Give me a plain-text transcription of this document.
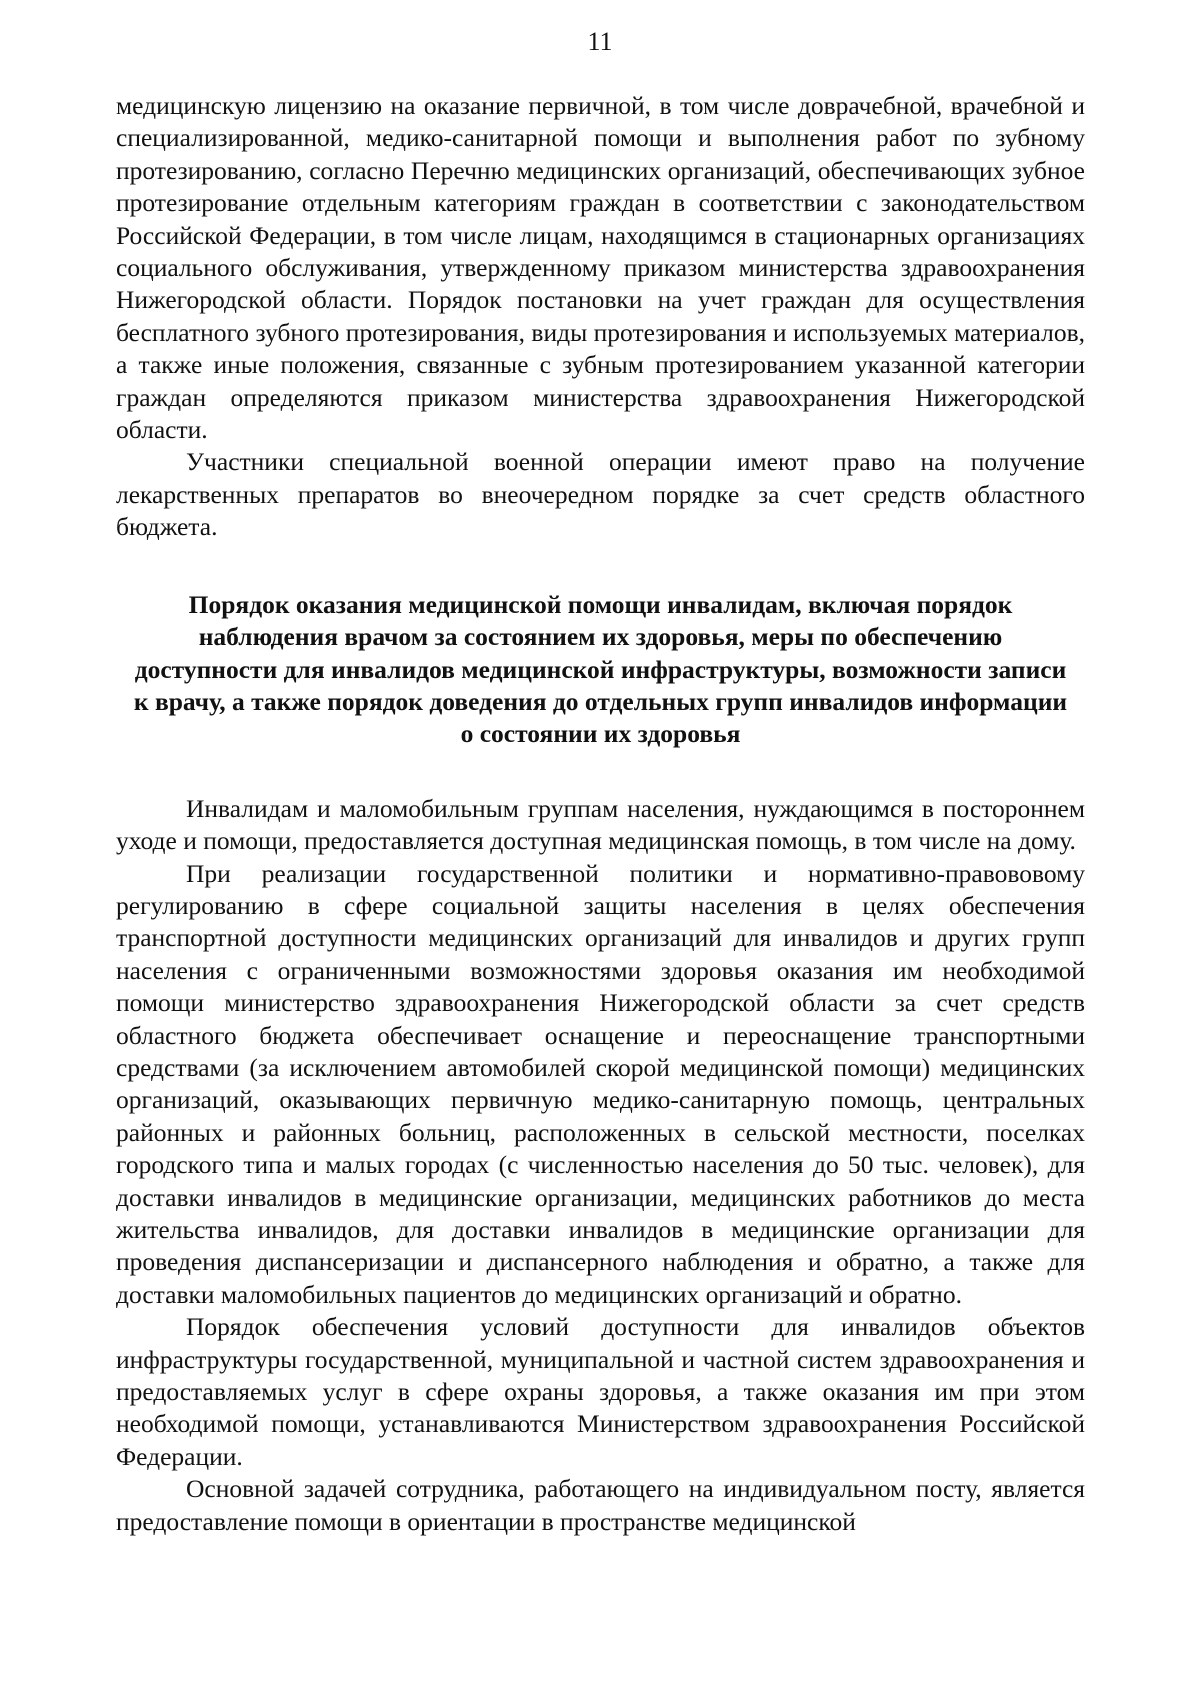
11

медицинскую лицензию на оказание первичной, в том числе доврачебной, врачебной и специализированной, медико-санитарной помощи и выполнения работ по зубному протезированию, согласно Перечню медицинских организаций, обеспечивающих зубное протезирование отдельным категориям граждан в соответствии с законодательством Российской Федерации, в том числе лицам, находящимся в стационарных организациях социального обслуживания, утвержденному приказом министерства здравоохранения Нижегородской области. Порядок постановки на учет граждан для осуществления бесплатного зубного протезирования, виды протезирования и используемых материалов, а также иные положения, связанные с зубным протезированием указанной категории граждан определяются приказом министерства здравоохранения Нижегородской области.

Участники специальной военной операции имеют право на получение лекарственных препаратов во внеочередном порядке за счет средств областного бюджета.

Порядок оказания медицинской помощи инвалидам, включая порядок наблюдения врачом за состоянием их здоровья, меры по обеспечению доступности для инвалидов медицинской инфраструктуры, возможности записи к врачу, а также порядок доведения до отдельных групп инвалидов информации о состоянии их здоровья

Инвалидам и маломобильным группам населения, нуждающимся в постороннем уходе и помощи, предоставляется доступная медицинская помощь, в том числе на дому.

При реализации государственной политики и нормативно-правововому регулированию в сфере социальной защиты населения в целях обеспечения транспортной доступности медицинских организаций для инвалидов и других групп населения с ограниченными возможностями здоровья оказания им необходимой помощи министерство здравоохранения Нижегородской области за счет средств областного бюджета обеспечивает оснащение и переоснащение транспортными средствами (за исключением автомобилей скорой медицинской помощи) медицинских организаций, оказывающих первичную медико-санитарную помощь, центральных районных и районных больниц, расположенных в сельской местности, поселках городского типа и малых городах (с численностью населения до 50 тыс. человек), для доставки инвалидов в медицинские организации, медицинских работников до места жительства инвалидов, для доставки инвалидов в медицинские организации для проведения диспансеризации и диспансерного наблюдения и обратно, а также для доставки маломобильных пациентов до медицинских организаций и обратно.

Порядок обеспечения условий доступности для инвалидов объектов инфраструктуры государственной, муниципальной и частной систем здравоохранения и предоставляемых услуг в сфере охраны здоровья, а также оказания им при этом необходимой помощи, устанавливаются Министерством здравоохранения Российской Федерации.

Основной задачей сотрудника, работающего на индивидуальном посту, является предоставление помощи в ориентации в пространстве медицинской
